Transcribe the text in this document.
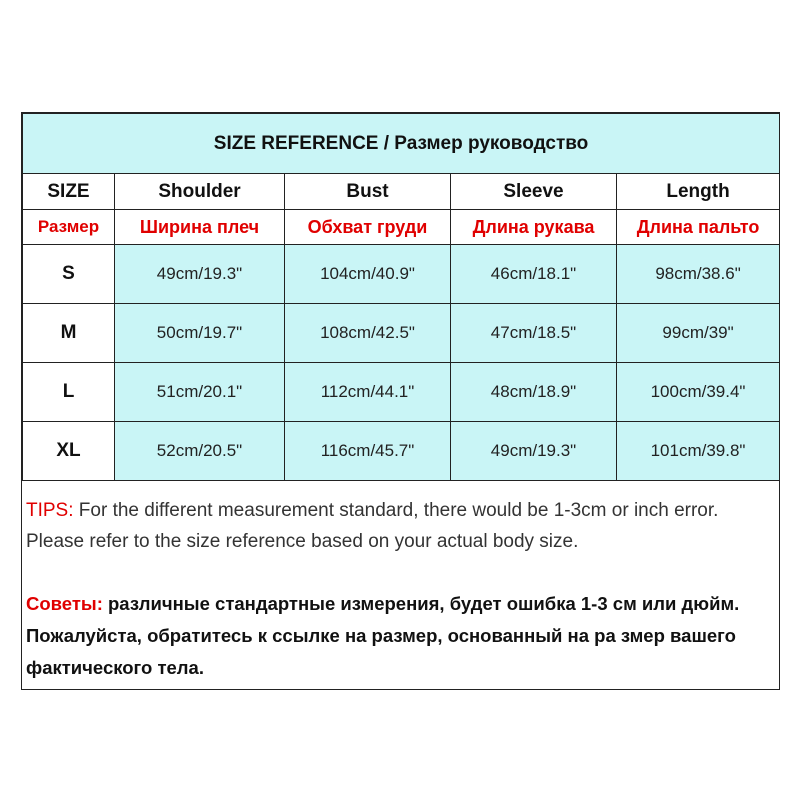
SIZE REFERENCE / Размер руководство				
SIZE	Shoulder	Bust	Sleeve	Length
Размер	Ширина плеч	Обхват груди	Длина рукава	Длина пальто
S	49cm/19.3"	104cm/40.9"	46cm/18.1"	98cm/38.6"
M	50cm/19.7"	108cm/42.5"	47cm/18.5"	99cm/39"
L	51cm/20.1"	112cm/44.1"	48cm/18.9"	100cm/39.4"
XL	52cm/20.5"	116cm/45.7"	49cm/19.3"	101cm/39.8"
TIPS: For the different measurement standard, there would be 1-3cm or inch error. Please refer to the size reference based on your actual body size.
Советы: различные стандартные измерения, будет ошибка 1-3 см или дюйм. Пожалуйста, обратитесь к ссылке на размер, основанный на ра змер вашего фактического тела.
